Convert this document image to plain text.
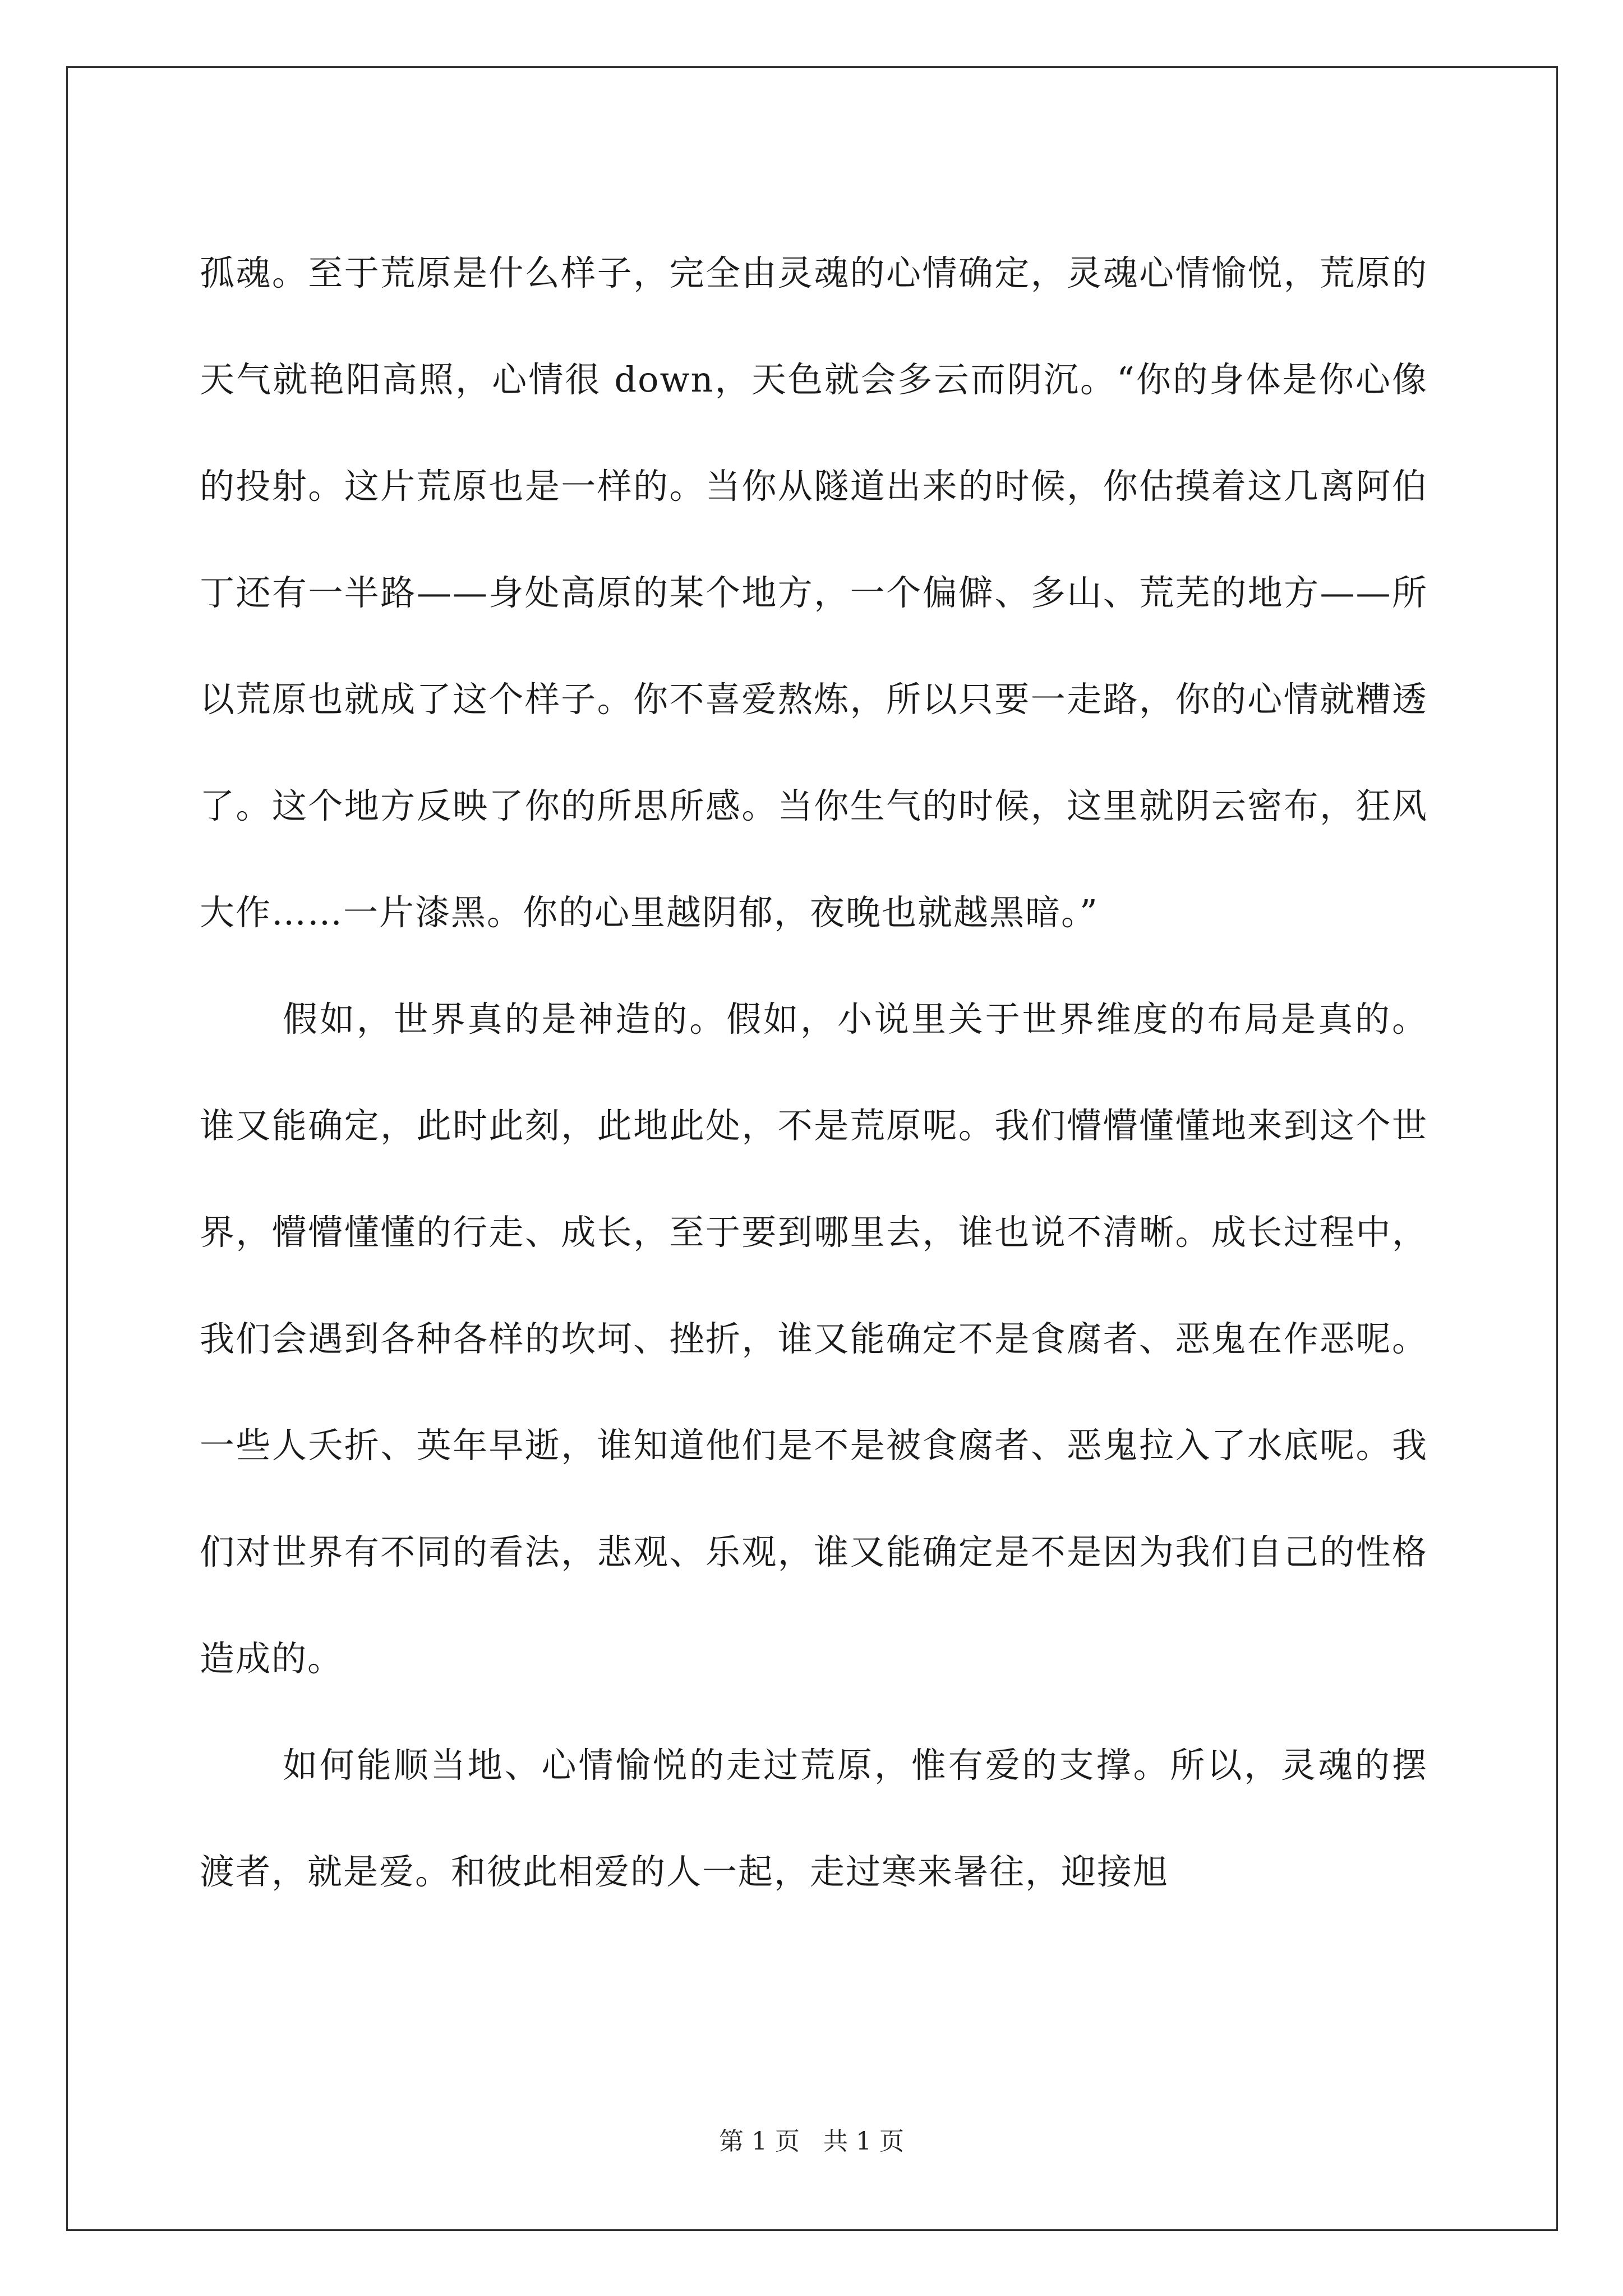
孤魂。至于荒原是什么样子，完全由灵魂的心情确定，灵魂心情愉悦，荒原的天气就艳阳高照，心情很 down，天色就会多云而阴沉。“你的身体是你心像的投射。这片荒原也是一样的。当你从隧道出来的时候，你估摸着这几离阿伯丁还有一半路——身处高原的某个地方，一个偏僻、多山、荒芜的地方——所以荒原也就成了这个样子。你不喜爱熬炼，所以只要一走路，你的心情就糟透了。这个地方反映了你的所思所感。当你生气的时候，这里就阴云密布，狂风大作……一片漆黑。你的心里越阴郁，夜晚也就越黑暗。”

假如，世界真的是神造的。假如，小说里关于世界维度的布局是真的。谁又能确定，此时此刻，此地此处，不是荒原呢。我们懵懵懂懂地来到这个世界，懵懵懂懂的行走、成长，至于要到哪里去，谁也说不清晰。成长过程中，我们会遇到各种各样的坎坷、挫折，谁又能确定不是食腐者、恶鬼在作恶呢。一些人夭折、英年早逝，谁知道他们是不是被食腐者、恶鬼拉入了水底呢。我们对世界有不同的看法，悲观、乐观，谁又能确定是不是因为我们自己的性格造成的。

如何能顺当地、心情愉悦的走过荒原，惟有爱的支撑。所以，灵魂的摆渡者，就是爱。和彼此相爱的人一起，走过寒来暑往，迎接旭

第 1 页 共 1 页
